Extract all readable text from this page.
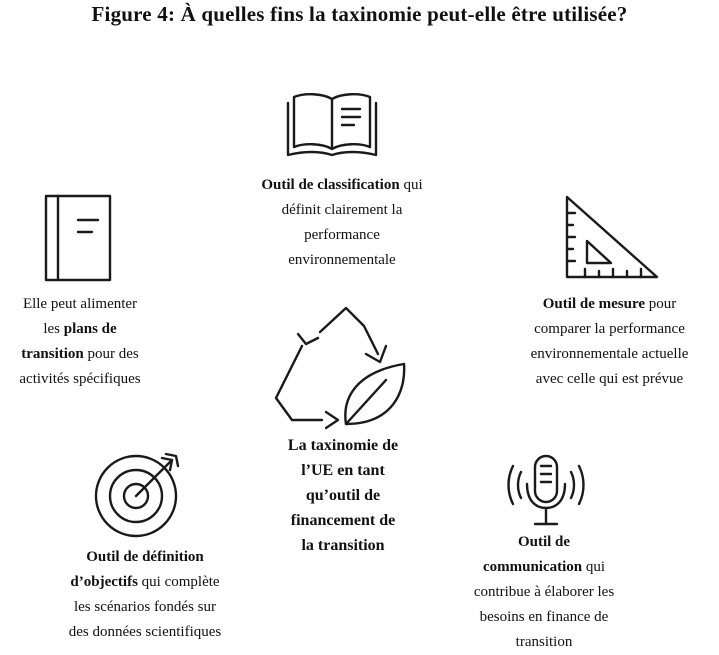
Figure 4: À quelles fins la taxinomie peut-elle être utilisée?
Outil de classification qui
définit clairement la
performance
environnementale
Elle peut alimenter
les plans de
transition pour des
activités spécifiques
Outil de mesure pour
comparer la performance
environnementale actuelle
avec celle qui est prévue
La taxinomie de
l’UE en tant
qu’outil de
financement de
la transition
Outil de définition
d’objectifs qui complète
les scénarios fondés sur
des données scientifiques
Outil de
communication qui
contribue à élaborer les
besoins en finance de
transition
